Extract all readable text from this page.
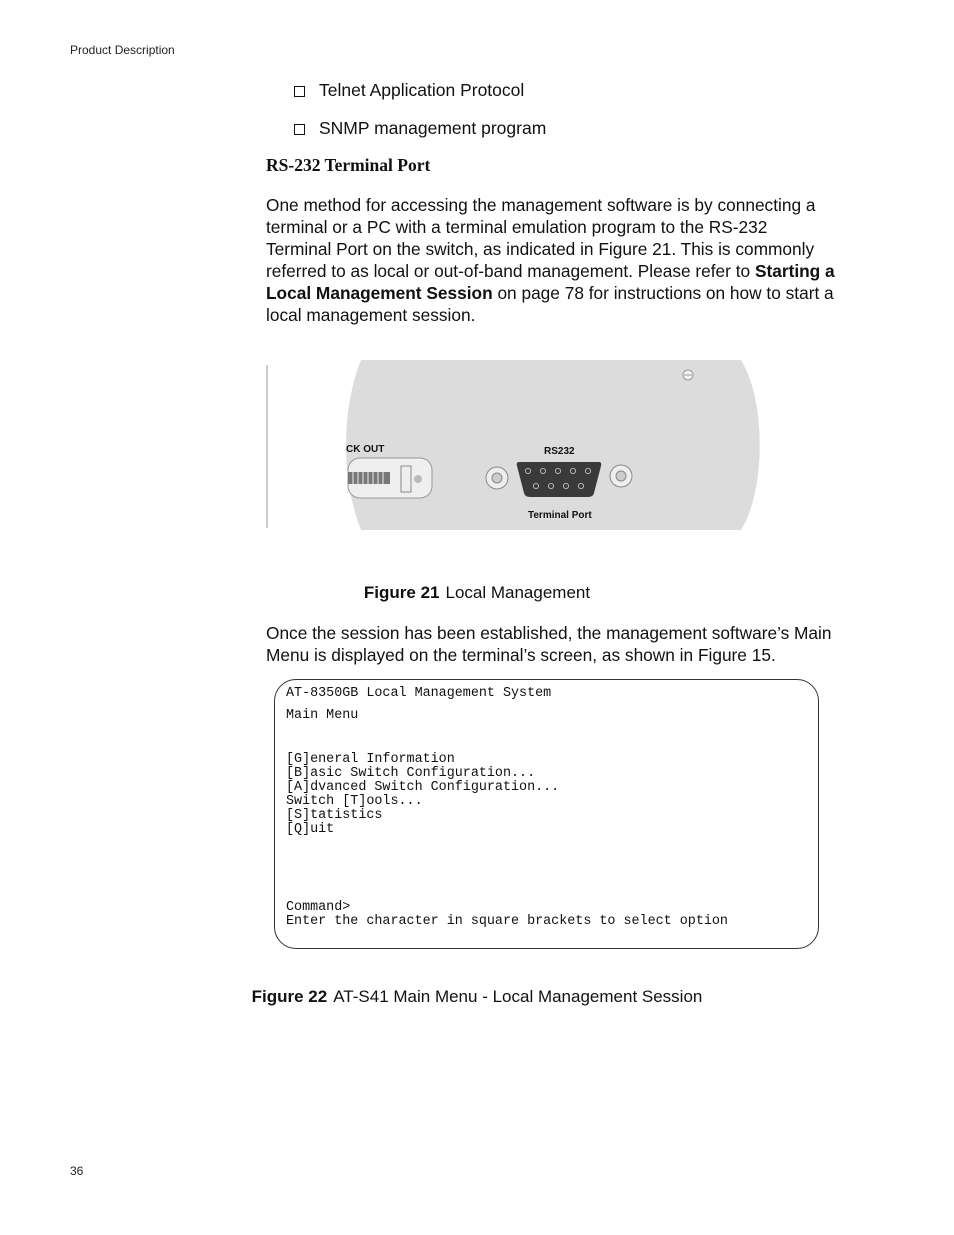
Product Description
Telnet Application Protocol
SNMP management program
RS-232 Terminal Port
One method for accessing the management software is by connecting a terminal or a PC with a terminal emulation program to the RS-232 Terminal Port on the switch, as indicated in Figure 21. This is commonly referred to as local or out-of-band management. Please refer to Starting a Local Management Session on page 78 for instructions on how to start a local management session.
CK OUT	RS232
Terminal Port
Figure 21 Local Management
Once the session has been established, the management software’s Main Menu is displayed on the terminal’s screen, as shown in Figure 15.
AT-8350GB Local Management System
Main Menu
[G]eneral Information
[B]asic Switch Configuration...
[A]dvanced Switch Configuration...
Switch [T]ools...
[S]tatistics
[Q]uit
Command>
Enter the character in square brackets to select option
Figure 22 AT-S41 Main Menu - Local Management Session
36
